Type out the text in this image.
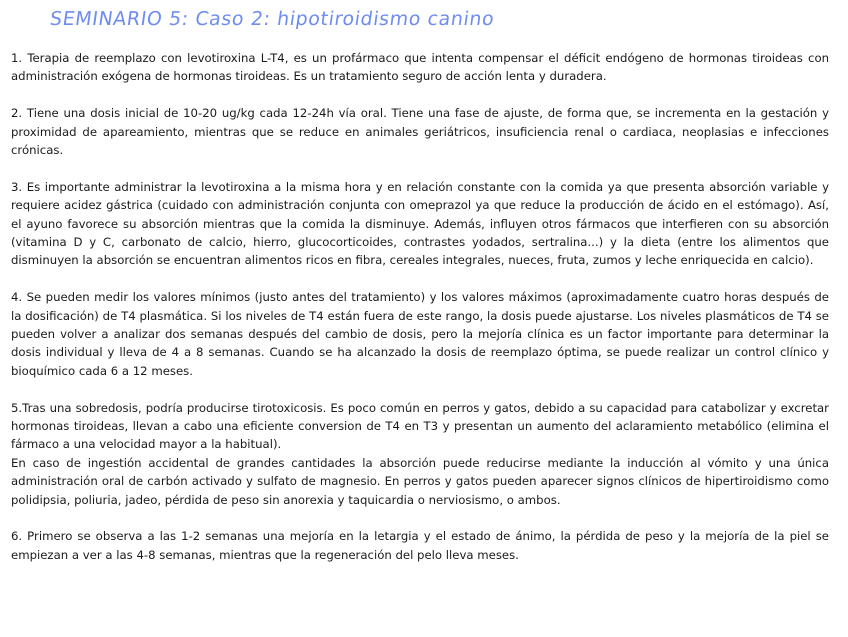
SEMINARIO 5: Caso 2: hipotiroidismo canino

1. Terapia de reemplazo con levotiroxina L-T4, es un profármaco que intenta compensar el déficit endógeno de hormonas tiroideas con administración exógena de hormonas tiroideas. Es un tratamiento seguro de acción lenta y duradera.

2. Tiene una dosis inicial de 10-20 ug/kg cada 12-24h vía oral. Tiene una fase de ajuste, de forma que, se incrementa en la gestación y proximidad de apareamiento, mientras que se reduce en animales geriátricos, insuficiencia renal o cardiaca, neoplasias e infecciones crónicas.

3. Es importante administrar la levotiroxina a la misma hora y en relación constante con la comida ya que presenta absorción variable y requiere acidez gástrica (cuidado con administración conjunta con omeprazol ya que reduce la producción de ácido en el estómago). Así, el ayuno favorece su absorción mientras que la comida la disminuye. Además, influyen otros fármacos que interfieren con su absorción (vitamina D y C, carbonato de calcio, hierro, glucocorticoides, contrastes yodados, sertralina...) y la dieta (entre los alimentos que disminuyen la absorción se encuentran alimentos ricos en fibra, cereales integrales, nueces, fruta, zumos y leche enriquecida en calcio).

4. Se pueden medir los valores mínimos (justo antes del tratamiento) y los valores máximos (aproximadamente cuatro horas después de la dosificación) de T4 plasmática. Si los niveles de T4 están fuera de este rango, la dosis puede ajustarse. Los niveles plasmáticos de T4 se pueden volver a analizar dos semanas después del cambio de dosis, pero la mejoría clínica es un factor importante para determinar la dosis individual y lleva de 4 a 8 semanas. Cuando se ha alcanzado la dosis de reemplazo óptima, se puede realizar un control clínico y bioquímico cada 6 a 12 meses.

5.Tras una sobredosis, podría producirse tirotoxicosis. Es poco común en perros y gatos, debido a su capacidad para catabolizar y excretar hormonas tiroideas, llevan a cabo una eficiente conversion de T4 en T3 y presentan un aumento del aclaramiento metabólico (elimina el fármaco a una velocidad mayor a la habitual).

En caso de ingestión accidental de grandes cantidades la absorción puede reducirse mediante la inducción al vómito y una única administración oral de carbón activado y sulfato de magnesio. En perros y gatos pueden aparecer signos clínicos de hipertiroidismo como polidipsia, poliuria, jadeo, pérdida de peso sin anorexia y taquicardia o nerviosismo, o ambos.

6. Primero se observa a las 1-2 semanas una mejoría en la letargia y el estado de ánimo, la pérdida de peso y la mejoría de la piel se empiezan a ver a las 4-8 semanas, mientras que la regeneración del pelo lleva meses.
